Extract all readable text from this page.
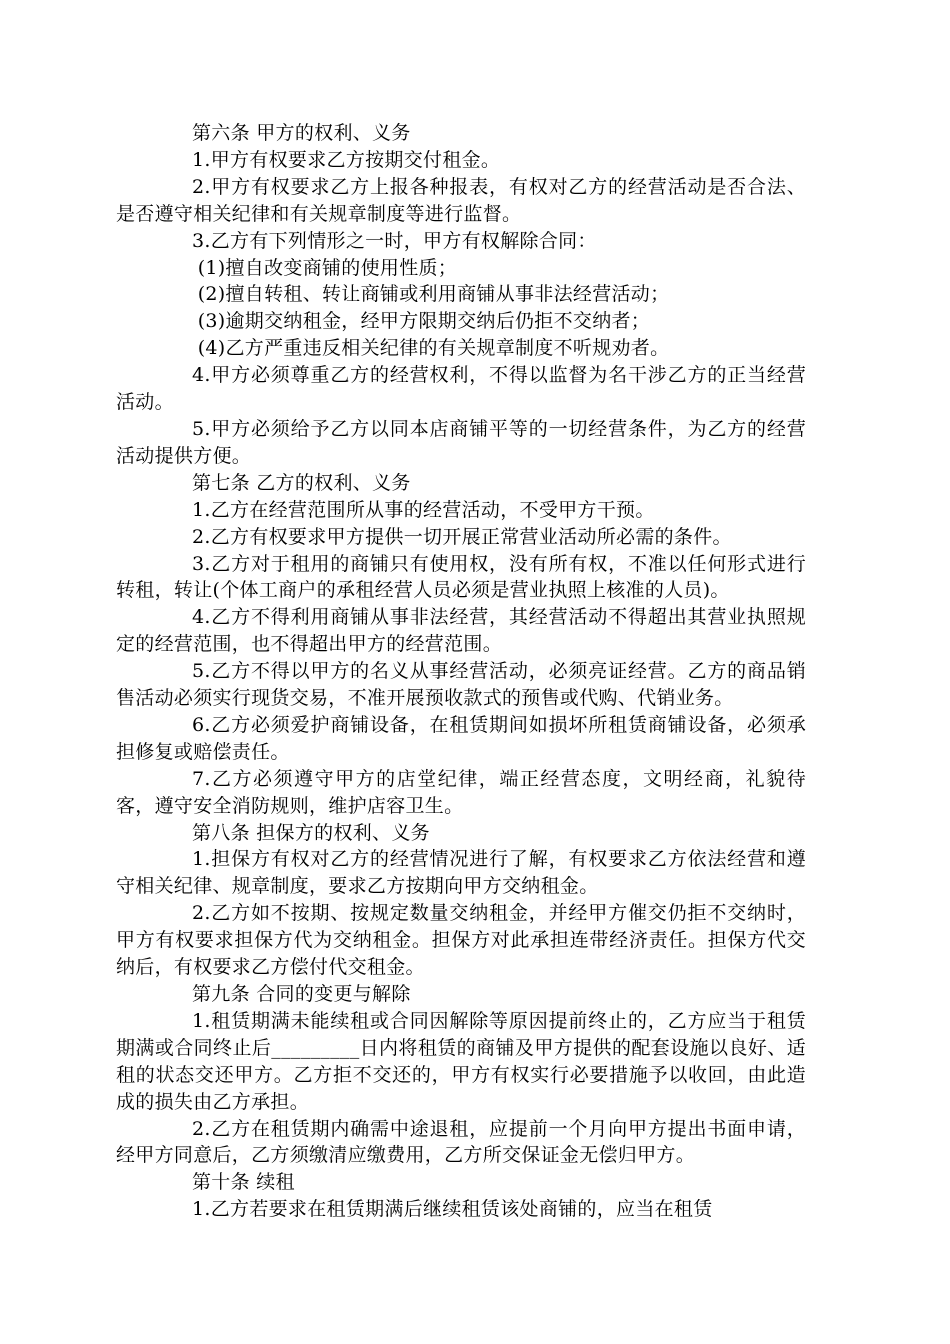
第六条 甲方的权利、义务

1.甲方有权要求乙方按期交付租金。

2.甲方有权要求乙方上报各种报表，有权对乙方的经营活动是否合法、是否遵守相关纪律和有关规章制度等进行监督。

3.乙方有下列情形之一时，甲方有权解除合同：

(1)擅自改变商铺的使用性质；

(2)擅自转租、转让商铺或利用商铺从事非法经营活动；

(3)逾期交纳租金，经甲方限期交纳后仍拒不交纳者；

(4)乙方严重违反相关纪律的有关规章制度不听规劝者。

4.甲方必须尊重乙方的经营权利，不得以监督为名干涉乙方的正当经营活动。

5.甲方必须给予乙方以同本店商铺平等的一切经营条件，为乙方的经营活动提供方便。

第七条 乙方的权利、义务

1.乙方在经营范围所从事的经营活动，不受甲方干预。

2.乙方有权要求甲方提供一切开展正常营业活动所必需的条件。

3.乙方对于租用的商铺只有使用权，没有所有权，不准以任何形式进行转租，转让(个体工商户的承租经营人员必须是营业执照上核准的人员)。

4.乙方不得利用商铺从事非法经营，其经营活动不得超出其营业执照规定的经营范围，也不得超出甲方的经营范围。

5.乙方不得以甲方的名义从事经营活动，必须亮证经营。乙方的商品销售活动必须实行现货交易，不准开展预收款式的预售或代购、代销业务。

6.乙方必须爱护商铺设备，在租赁期间如损坏所租赁商铺设备，必须承担修复或赔偿责任。

7.乙方必须遵守甲方的店堂纪律，端正经营态度，文明经商，礼貌待客，遵守安全消防规则，维护店容卫生。

第八条 担保方的权利、义务

1.担保方有权对乙方的经营情况进行了解，有权要求乙方依法经营和遵守相关纪律、规章制度，要求乙方按期向甲方交纳租金。

2.乙方如不按期、按规定数量交纳租金，并经甲方催交仍拒不交纳时，甲方有权要求担保方代为交纳租金。担保方对此承担连带经济责任。担保方代交纳后，有权要求乙方偿付代交租金。

第九条 合同的变更与解除

1.租赁期满未能续租或合同因解除等原因提前终止的，乙方应当于租赁期满或合同终止后_________日内将租赁的商铺及甲方提供的配套设施以良好、适租的状态交还甲方。乙方拒不交还的，甲方有权实行必要措施予以收回，由此造成的损失由乙方承担。

2.乙方在租赁期内确需中途退租，应提前一个月向甲方提出书面申请，经甲方同意后，乙方须缴清应缴费用，乙方所交保证金无偿归甲方。

第十条 续租

1.乙方若要求在租赁期满后继续租赁该处商铺的，应当在租赁
